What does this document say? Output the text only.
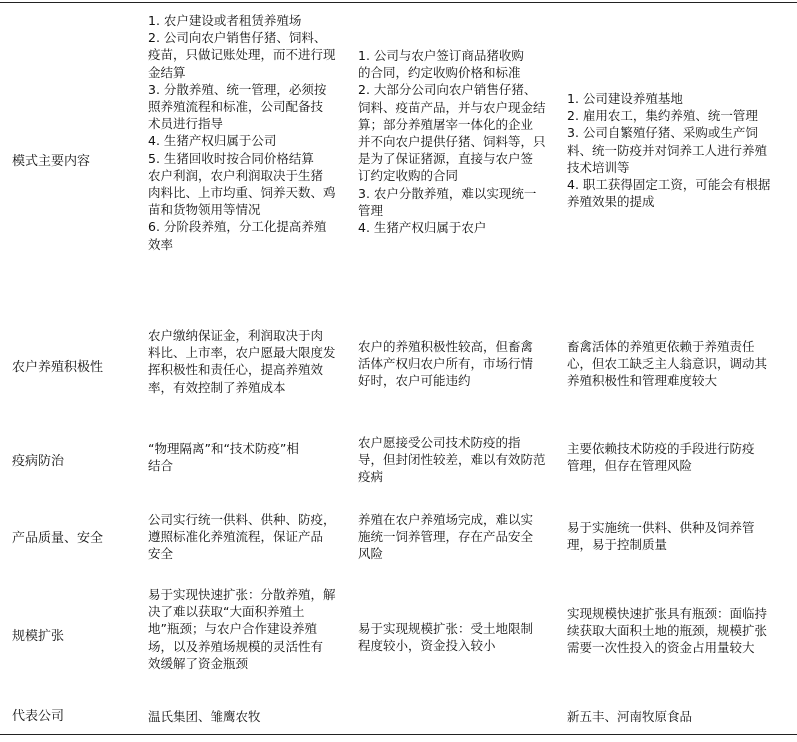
模式主要内容
1. 农户建设或者租赁养殖场
2. 公司向农户销售仔猪、饲料、
疫苗，只做记账处理，而不进行现
金结算
3. 分散养殖、统一管理，必须按
照养殖流程和标准，公司配备技
术员进行指导
4. 生猪产权归属于公司
5. 生猪回收时按合同价格结算
农户利润，农户利润取决于生猪
肉料比、上市均重、饲养天数、鸡
苗和货物领用等情况
6. 分阶段养殖，分工化提高养殖
效率
1. 公司与农户签订商品猪收购
的合同，约定收购价格和标准
2. 大部分公司向农户销售仔猪、
饲料、疫苗产品，并与农户现金结
算；部分养殖屠宰一体化的企业
并不向农户提供仔猪、饲料等，只
是为了保证猪源，直接与农户签
订约定收购的合同
3. 农户分散养殖，难以实现统一
管理
4. 生猪产权归属于农户
1. 公司建设养殖基地
2. 雇用农工，集约养殖、统一管理
3. 公司自繁殖仔猪、采购或生产饲
料、统一防疫并对饲养工人进行养殖
技术培训等
4. 职工获得固定工资，可能会有根据
养殖效果的提成
农户养殖积极性
农户缴纳保证金，利润取决于肉
料比、上市率，农户愿最大限度发
挥积极性和责任心，提高养殖效
率，有效控制了养殖成本
农户的养殖积极性较高，但畜禽
活体产权归农户所有，市场行情
好时，农户可能违约
畜禽活体的养殖更依赖于养殖责任
心，但农工缺乏主人翁意识，调动其
养殖积极性和管理难度较大
疫病防治
“物理隔离”和“技术防疫”相
结合
农户愿接受公司技术防疫的指
导，但封闭性较差，难以有效防范
疫病
主要依赖技术防疫的手段进行防疫
管理，但存在管理风险
产品质量、安全
公司实行统一供料、供种、防疫，
遵照标准化养殖流程，保证产品
安全
养殖在农户养殖场完成，难以实
施统一饲养管理，存在产品安全
风险
易于实施统一供料、供种及饲养管
理，易于控制质量
规模扩张
易于实现快速扩张：分散养殖，解
决了难以获取“大面积养殖土
地”瓶颈；与农户合作建设养殖
场，以及养殖场规模的灵活性有
效缓解了资金瓶颈
易于实现规模扩张：受土地限制
程度较小，资金投入较小
实现规模快速扩张具有瓶颈：面临持
续获取大面积土地的瓶颈，规模扩张
需要一次性投入的资金占用量较大
代表公司	温氏集团、雏鹰农牧	新五丰、河南牧原食品
